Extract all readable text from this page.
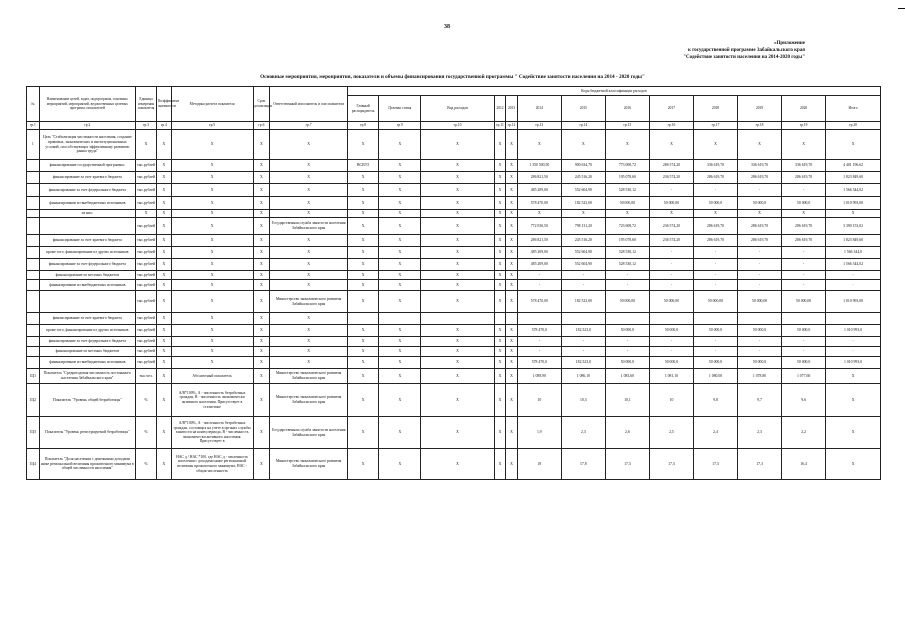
38
«Приложение
к государственной программе Забайкальского края
"Содействие занятости населения на 2014-2020 годы"
Основные мероприятия, мероприятия, показатели и объемы финансирования государственной программы " Содействие занятости населения на 2014 - 2020 годы"
№	Наименование целей, задач, подпрограмм, основных мероприятий, мероприятий, ведомственных целевых программ, показателей	Единица измерения показателя	Коэффициент значимости	Методика расчета показателя	Срок реализации	Ответственный исполнитель и соисполнители	Коды бюджетной классификации расходов												
							Главный распорядитель	Целевая статья	Вид расходов	2012	2013	2014	2015	2016	2017	2018	2019	2020	Итого
гр.1	гр.2	гр.3	гр.4	гр.5	гр.6	гр.7	гр.8	гр.9	гр.10	гр.11	гр.12	гр.13	гр.14	гр.15	гр.16	гр.17	гр.18	гр.19	гр.20
1	Цель "Стабилизация численности населения, создание правовых, экономических и институциональных условий, способствующих эффективному развитию рынка труда"	X	X	X	X	X	X	X	X	X	X	X	X	X	X	X	X	X	X
	финансирование государственной программы:	тыс.рублей	X	X	X	X	ВСЕГО	X	X	X	X	1 350 500,50	900 634,70	773 008,72	286 574,20	336 619,70	336 619,70	336 619,70	4 401 196,62
	финансирование за счет краевого бюджета	тыс.рублей	X	X	X	X	X	X	X	X	X	286 821,50	245 516,20	195 078,60	236 574,20	286 619,70	286 619,70	286 619,70	1 823 849,60
	финансирование за счет федерального бюджета	тыс.рублей	X	X	X	X	X	X	X	X	X	485 209,00	552 604,90	528 530,12	-	-	-	-	1 566 344,02
	финансирование из внебюджетных источников	тыс.рублей	X	X	X	X	X	X	X	X	X	578 470,00	182 523,00	50 000,00	50 000,00	50 000,0	50 000,0	50 000,0	1 010 993,00
	из них:	X	X	X	X	X	X	X	X	X	X	X	X	X	X	X	X	X	X
		тыс.рублей	X	X	X	Государственная служба занятости населения Забайкальского края	X	X	X	X	X	772 030,50	798 131,20	723 608,72	236 574,20	286 619,70	286 619,70	286 619,70	3 390 153,02
	финансирование за счет краевого бюджета	тыс.рублей	X	X	X	X	X	X	X	X	X	286 821,50	245 516,20	195 078,60	236 574,20	286 619,70	286 619,70	286 619,70	1 823 849,60
	кроме того, финансирование из других источников	тыс.рублей	X	X	X	X	X	X	X	X	X	485 209,00	552 604,90	528 530,12	-	-	-	-	1 566 344,0
	финансирование за счет федерального бюджета	тыс.рублей	X	X	X	X	X	X	X	X	X	485 209,00	552 604,90	528 530,12	-	-	-	-	1 566 344,02
	финансирование из местных бюджетов	тыс.рублей	X	X	X	X	X	X	X	X	X	-	-	-	-	-	-	-	-
	финансирование из внебюджетных источников	тыс.рублей	X	X	X	X	X	X	X	X	X	-	-	-	-	-	-	-	-
		тыс.рублей	X	X	X	Министерство экономического развития Забайкальского края	X	X	X	X	X	578 470,00	182 523,00	50 000,00	50 000,00	50 000,00	50 000,00	50 000,00	1 010 993,00
	финансирование за счет краевого бюджета	тыс.рублей	X	X	X	X													
	кроме того, финансирование из других источников	тыс.рублей	X	X	X	X	X	X	X	X	X	578 470,0	182 523,0	50 000,0	50 000,0	50 000,0	50 000,0	50 000,0	1 010 993,0
	финансирование за счет федерального бюджета	тыс.рублей	X	X	X	X	X	X	X	X	X	-	-	-	-	-	-	-	-
	финансирование из местных бюджетов	тыс.рублей	X	X	X	X	X	X	X	X	X	-	-	-	-	-	-	-	-
	финансирование из внебюджетных источников	тыс.рублей	X	X	X	X	X	X	X	X	X	578 470,0	182 523,0	50 000,0	50 000,0	50 000,0	50 000,0	50 000,0	1 010 993,0
1Ц1	Показатель "Среднегодовая численность постоянного населения Забайкальского края"	тыс.чел.	X	Абсолютный показатель	X	Министерство экономического развития Забайкальского края	X	X	X	X	X	1 088,90	1 086,10	1 083,60	1 081,10	1 080,00	1 078,80	1 077,60	X
1Ц2	Показатель "Уровень общей безработицы"	%	X	А/В*100%, А - численность безработных граждан, В - численность экономически активного населения. Присутствует в статистике	X	Министерство экономического развития Забайкальского края	X	X	X	X	X	10	10,3	10,1	10	9,8	9,7	9,6	X
1Ц3	Показатель "Уровень регистрируемой безработицы"	%	X	А/В*100%, А - численность безработных граждан, состоящих на учете в органах службы занятости на конец периода, В - численность экономически активного населения. Присутствует в	X	Государственная служба занятости населения Забайкальского края	X	X	X	X	X	1,9	2,3	2,6	2,5	2,4	2,3	2,2	X
1Ц4	Показатель "Доля населения с денежными доходами ниже региональной величины прожиточного минимума в общей численности населения"	%	X	НАС д / НАС *100, где НАС д - численность населения с доходами ниже региональной величины прожиточного минимума; НАС - общая численность	X	Министерство экономического развития Забайкальского края	X	X	X	X	X	18	17,8	17,3	17,3	17,3	17,3	16,4	X
